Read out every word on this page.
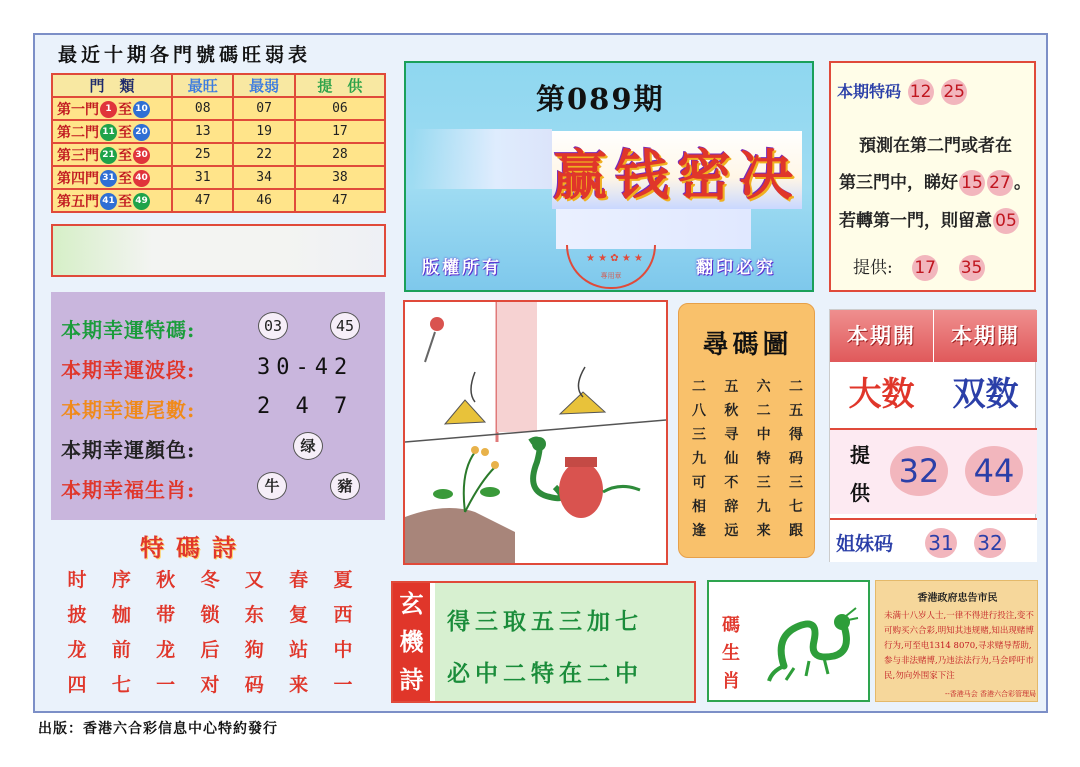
最近十期各門號碼旺弱表
門　類	最旺	最弱	提　供
第一門 1 至 10	08	07	06
第二門 11 至 20	13	19	17
第三門 21 至 30	25	22	28
第四門 31 至 40	31	34	38
第五門 41 至 49	47	46	47
第089期
赢钱密决
專用章
★ ★ ✿ ★ ★
版權所有	翻印必究
本期特码 12 25
預測在第二門或者在
第三門中，睇好 15 27 。
若轉第一門，則留意 05
提供: 17 35
本期幸運特碼:	03	45
本期幸運波段:	30-42
本期幸運尾數:	2 4 7
本期幸運顏色:	绿
本期幸福生肖:	牛	豬
特碼詩
时	序	秋	冬	又	春	夏
披	枷	带	锁	东	复	西
龙	前	龙	后	狗	站	中
四	七	一	对	码	来	一
尋碼圖
二	五	六	二
八	秋	二	五
三	寻	中	得
九	仙	特	码
可	不	三	三
相	辞	九	七
逢	远	来	跟
本期開	本期開
大数	双数
提供
32 44
姐妹码 31 32
玄機詩
得三取五三加七
必中二特在二中
碼生肖
香港政府忠告市民
未满十八岁人士,一律不得进行投注,变不可购买六合彩,明知其违规赌,知出现赌博行为,可至电1314 8070,寻求赌导帮助,参与非法赌博,乃违法法行为,马会呼吁市民,勿向外围家下注
--香港马会 香港六合彩管理局
出版：香港六合彩信息中心特約發行
